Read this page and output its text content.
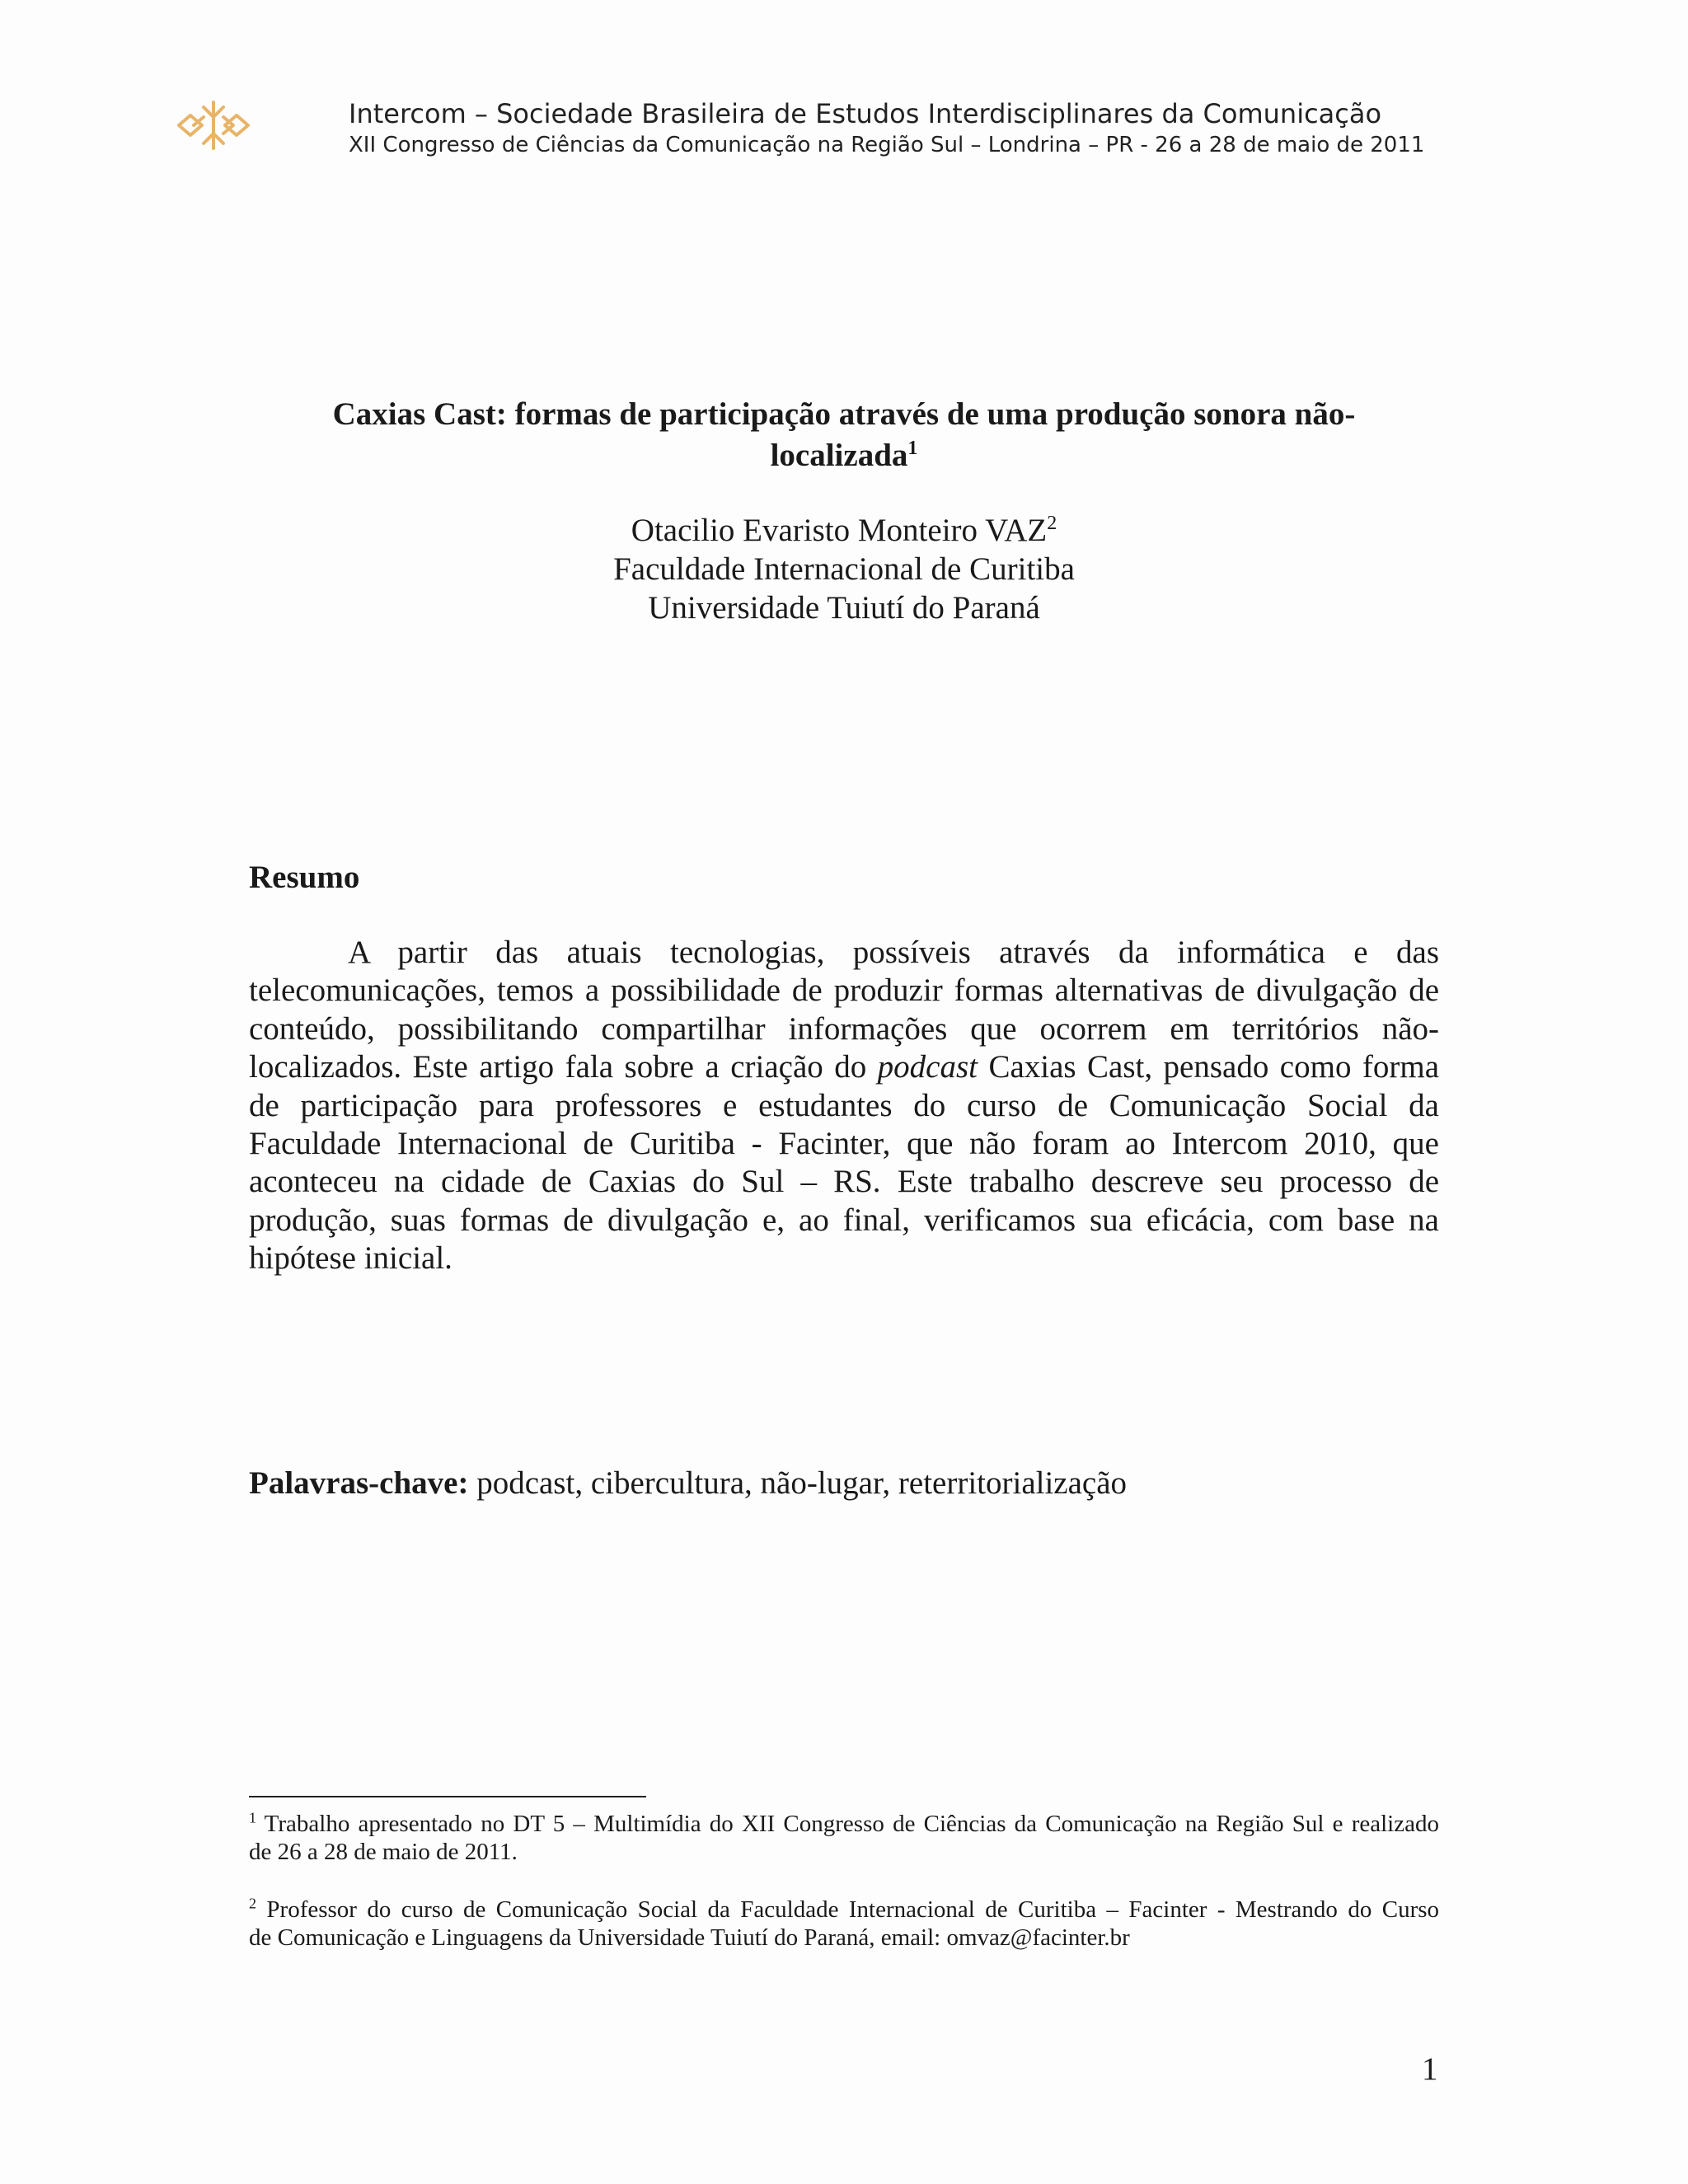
Intercom – Sociedade Brasileira de Estudos Interdisciplinares da Comunicação
XII Congresso de Ciências da Comunicação na Região Sul – Londrina – PR - 26 a 28 de maio de 2011
Caxias Cast: formas de participação através de uma produção sonora não-
localizada$^1$
Otacilio Evaristo Monteiro VAZ$^2$
Faculdade Internacional de Curitiba
Universidade Tuiutí do Paraná
Resumo
A partir das atuais tecnologias, possíveis através da informática e das
telecomunicações, temos a possibilidade de produzir formas alternativas de divulgação de
conteúdo, possibilitando compartilhar informações que ocorrem em territórios não-
localizados. Este artigo fala sobre a criação do podcast Caxias Cast, pensado como forma
de participação para professores e estudantes do curso de Comunicação Social da
Faculdade Internacional de Curitiba - Facinter, que não foram ao Intercom 2010, que
aconteceu na cidade de Caxias do Sul – RS. Este trabalho descreve seu processo de
produção, suas formas de divulgação e, ao final, verificamos sua eficácia, com base na
hipótese inicial.
Palavras-chave: podcast, cibercultura, não-lugar, reterritorialização
$^1$ Trabalho apresentado no DT 5 – Multimídia do XII Congresso de Ciências da Comunicação na Região Sul e realizado
de 26 a 28 de maio de 2011.
$^2$ Professor do curso de Comunicação Social da Faculdade Internacional de Curitiba – Facinter - Mestrando do Curso
de Comunicação e Linguagens da Universidade Tuiutí do Paraná, email: omvaz@facinter.br
1
